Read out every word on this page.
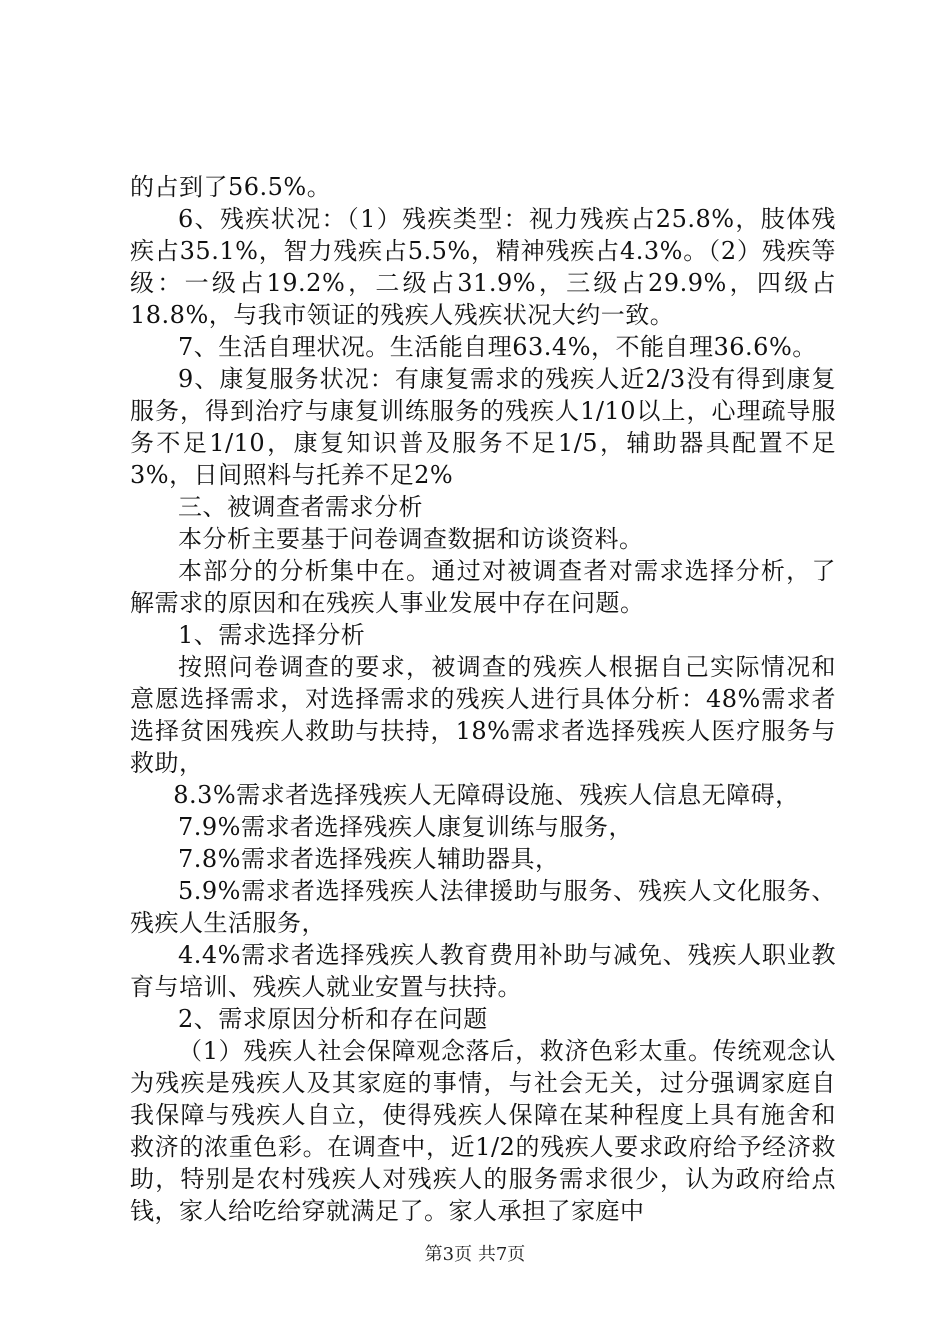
的占到了56.5%。

6、残疾状况：（1）残疾类型：视力残疾占25.8%，肢体残疾占35.1%，智力残疾占5.5%，精神残疾占4.3%。（2）残疾等级：一级占19.2%，二级占31.9%，三级占29.9%，四级占18.8%，与我市领证的残疾人残疾状况大约一致。

7、生活自理状况。生活能自理63.4%，不能自理36.6%。

9、康复服务状况：有康复需求的残疾人近2/3没有得到康复服务，得到治疗与康复训练服务的残疾人1/10以上，心理疏导服务不足1/10，康复知识普及服务不足1/5，辅助器具配置不足3%，日间照料与托养不足2%

三、被调查者需求分析

本分析主要基于问卷调查数据和访谈资料。

本部分的分析集中在。通过对被调查者对需求选择分析，了解需求的原因和在残疾人事业发展中存在问题。

1、需求选择分析

按照问卷调查的要求，被调查的残疾人根据自己实际情况和意愿选择需求，对选择需求的残疾人进行具体分析：48%需求者选择贫困残疾人救助与扶持，18%需求者选择残疾人医疗服务与救助，

8.3%需求者选择残疾人无障碍设施、残疾人信息无障碍，

7.9%需求者选择残疾人康复训练与服务，

7.8%需求者选择残疾人辅助器具，

5.9%需求者选择残疾人法律援助与服务、残疾人文化服务、残疾人生活服务，

4.4%需求者选择残疾人教育费用补助与减免、残疾人职业教育与培训、残疾人就业安置与扶持。

2、需求原因分析和存在问题

（1）残疾人社会保障观念落后，救济色彩太重。传统观念认为残疾是残疾人及其家庭的事情，与社会无关，过分强调家庭自我保障与残疾人自立，使得残疾人保障在某种程度上具有施舍和救济的浓重色彩。在调查中，近1/2的残疾人要求政府给予经济救助，特别是农村残疾人对残疾人的服务需求很少，认为政府给点钱，家人给吃给穿就满足了。家人承担了家庭中

第3页 共7页
